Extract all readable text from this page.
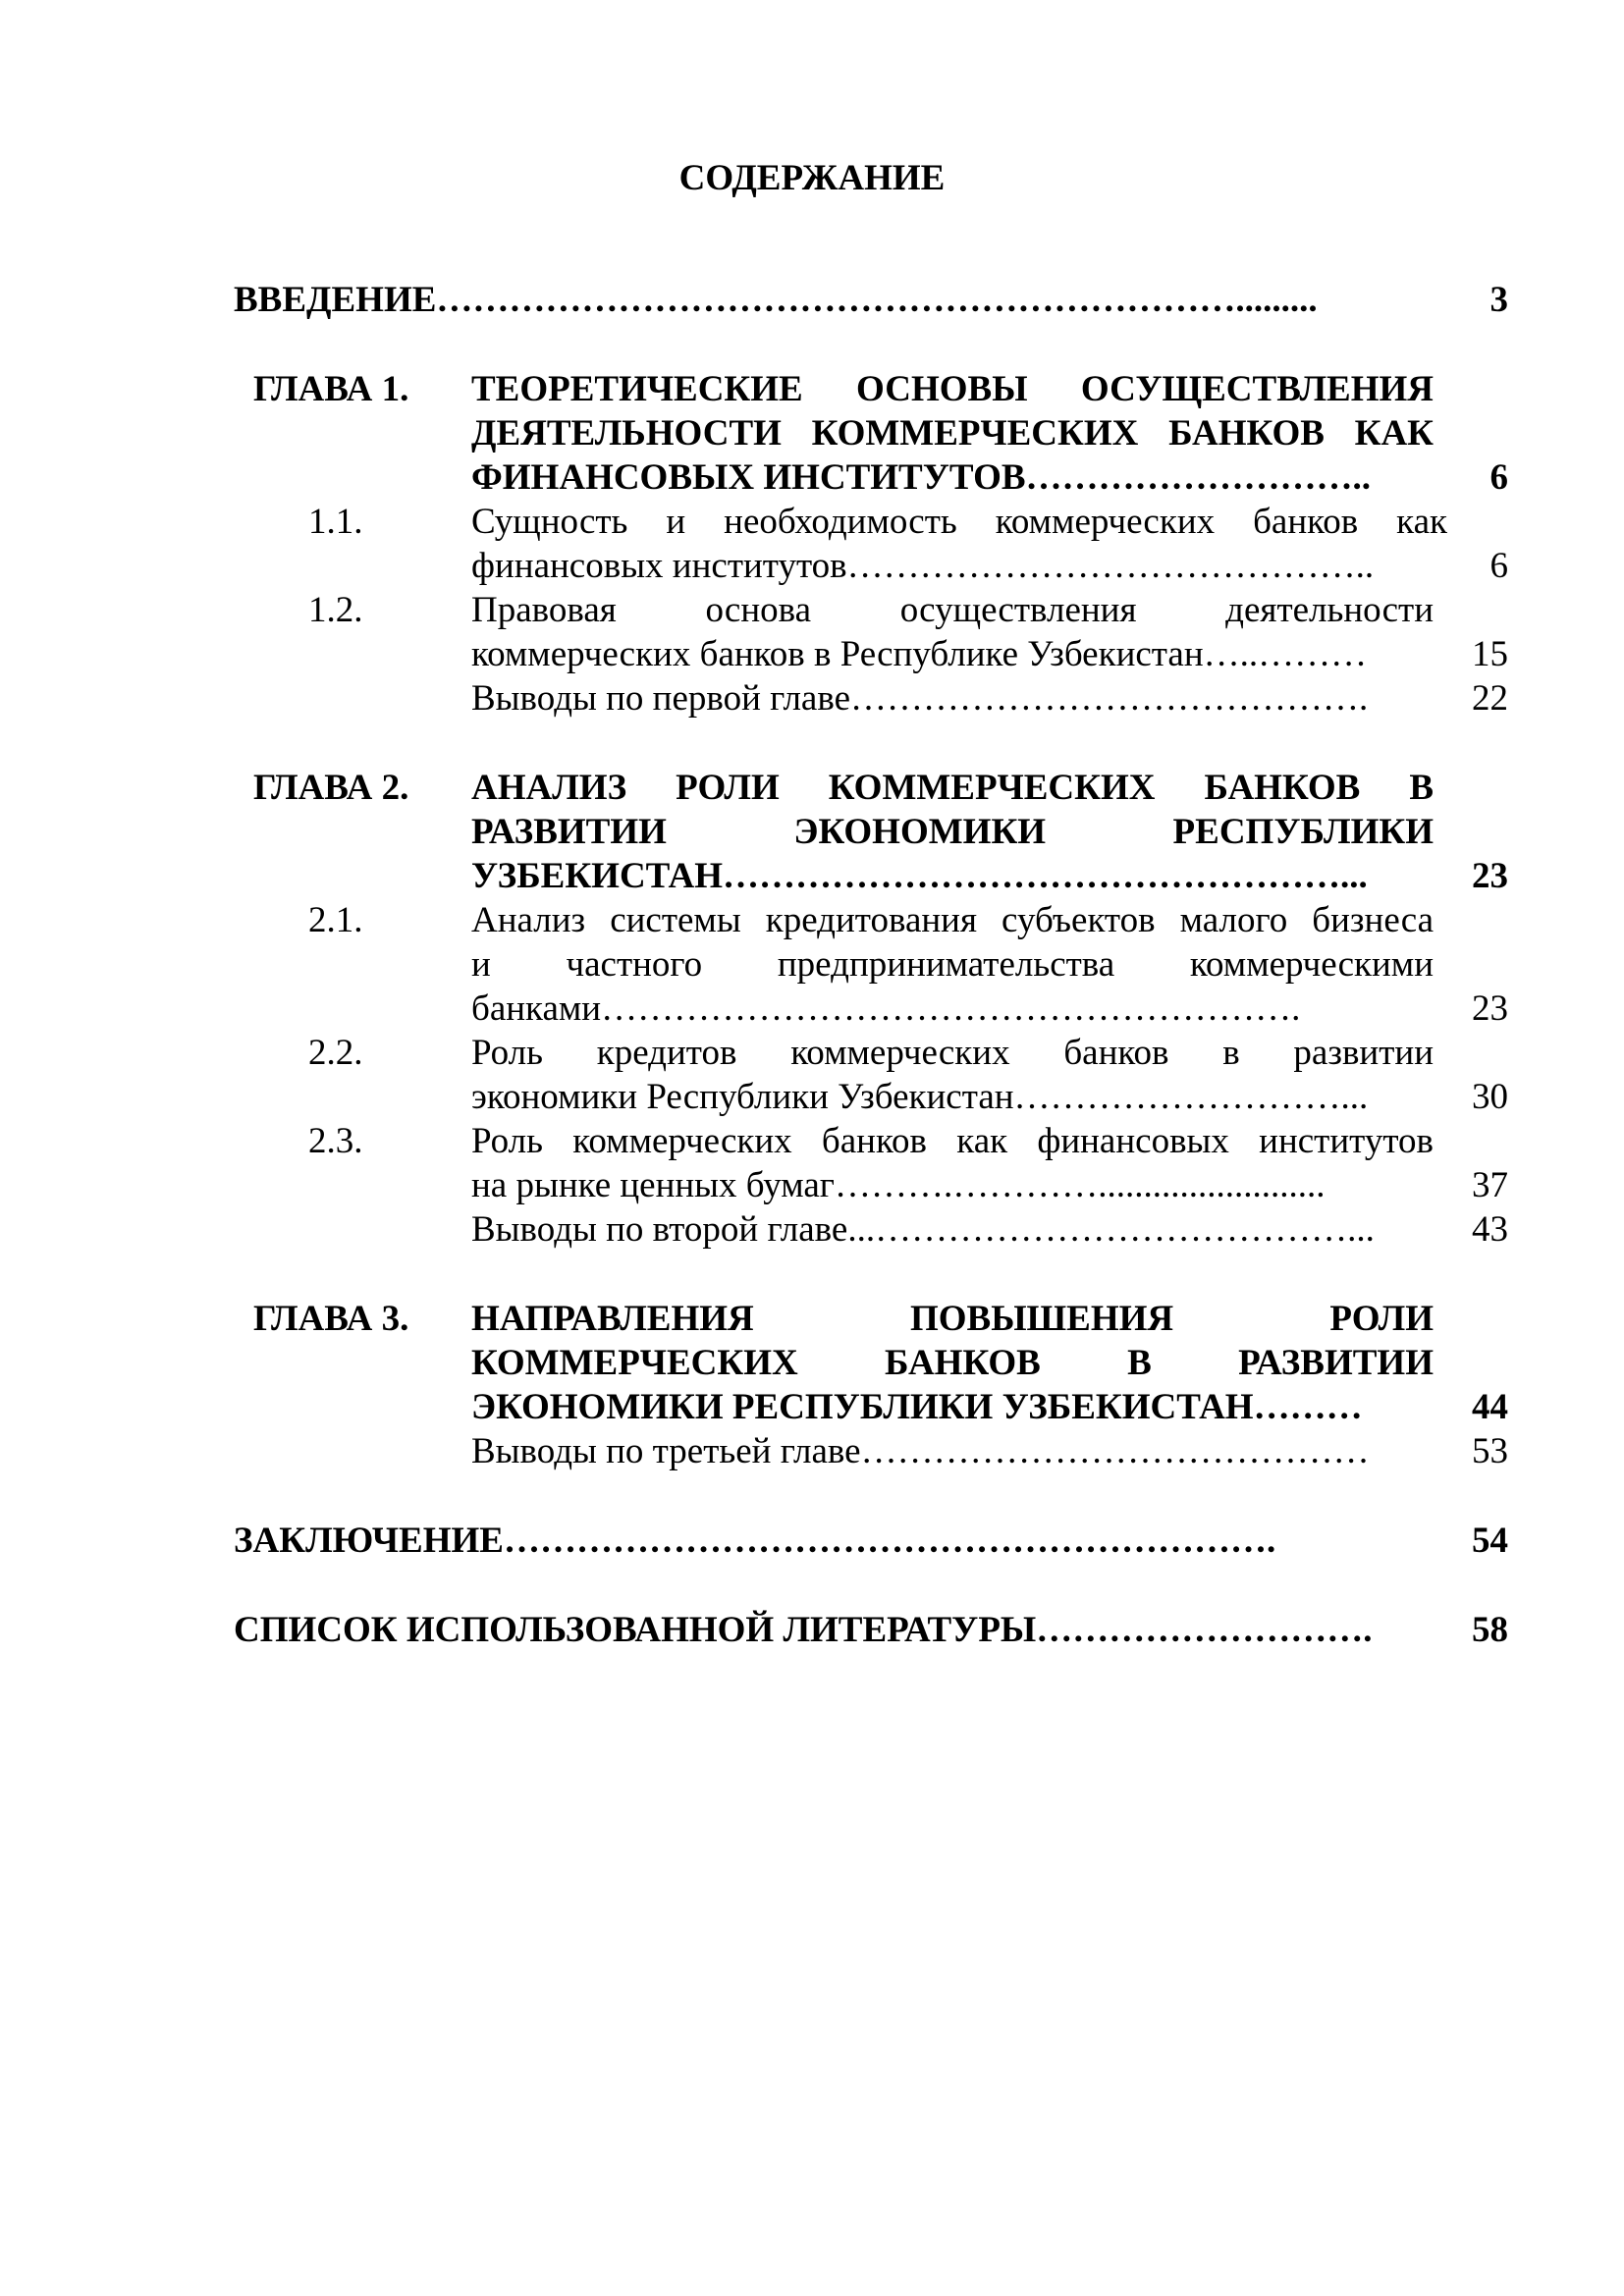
СОДЕРЖАНИЕ
ВВЕДЕНИЕ………………………………………………………….........	3
ГЛАВА 1. ТЕОРЕТИЧЕСКИЕ ОСНОВЫ ОСУЩЕСТВЛЕНИЯ
ДЕЯТЕЛЬНОСТИ КОММЕРЧЕСКИХ БАНКОВ КАК
ФИНАНСОВЫХ ИНСТИТУТОВ………………………..	6
1.1.	Сущность и необходимость коммерческих банков как
финансовых институтов……………………………………..	6
1.2.	Правовая основа осуществления деятельности
коммерческих банков в Республике Узбекистан…..………	15
Выводы по первой главе…………………………………….	22
ГЛАВА 2. АНАЛИЗ РОЛИ КОММЕРЧЕСКИХ БАНКОВ В
РАЗВИТИИ ЭКОНОМИКИ РЕСПУБЛИКИ
УЗБЕКИСТАН……………………………………………...	23
2.1.	Анализ системы кредитования субъектов малого бизнеса
и частного предпринимательства коммерческими
банками………………………………………………….	23
2.2.	Роль кредитов коммерческих банков в развитии
экономики Республики Узбекистан………………………...	30
2.3.	Роль коммерческих банков как финансовых институтов
на рынке ценных бумаг……….………….........................	37
Выводы по второй главе...…………………………………...	43
ГЛАВА 3. НАПРАВЛЕНИЯ ПОВЫШЕНИЯ РОЛИ
КОММЕРЧЕСКИХ БАНКОВ В РАЗВИТИИ
ЭКОНОМИКИ РЕСПУБЛИКИ УЗБЕКИСТАН………	44
Выводы по третьей главе……………………………………	53
ЗАКЛЮЧЕНИЕ……………………………………………………….	54
СПИСОК ИСПОЛЬЗОВАННОЙ ЛИТЕРАТУРЫ……………………….	58
